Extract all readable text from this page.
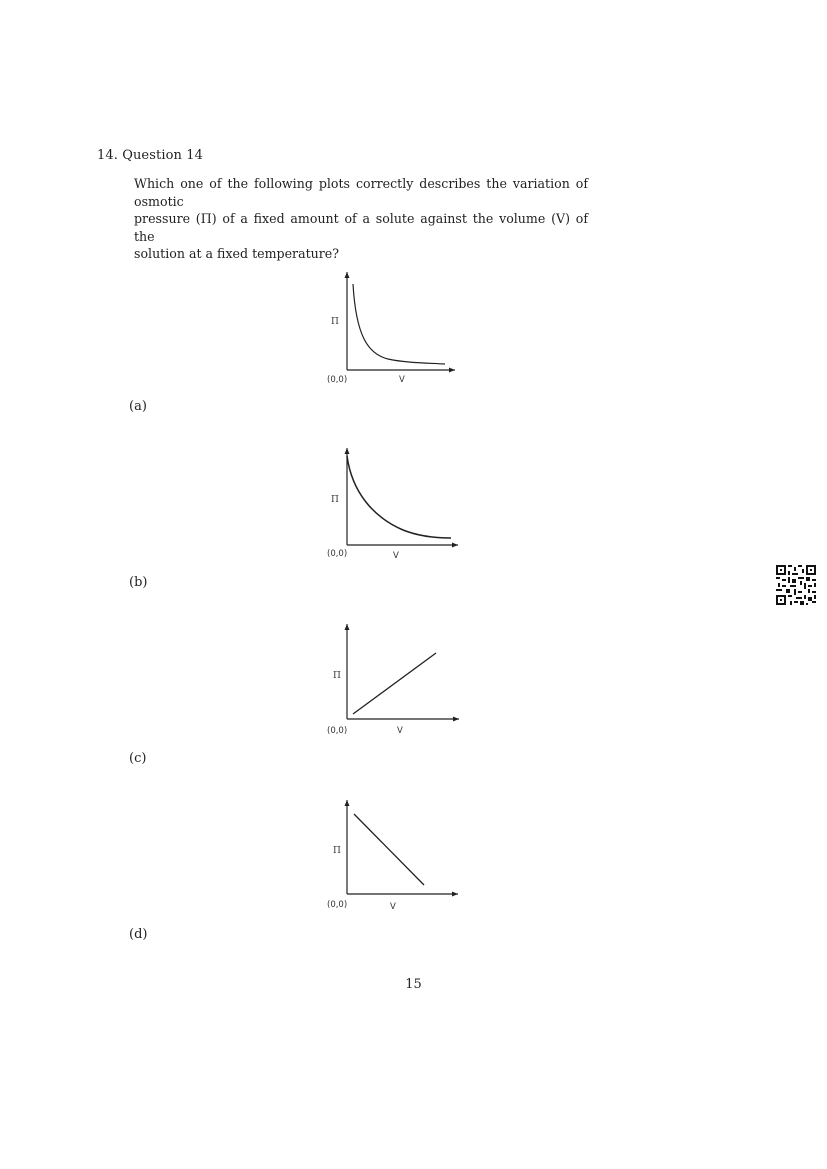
14. Question 14
Which one of the following plots correctly describes the variation of osmotic
pressure (Π) of a fixed amount of a solute against the volume (V) of the
solution at a fixed temperature?
Π
(0,0)	V
(a)
Π
(0,0)	V
(b)
Π
(0,0)	V
(c)
Π
(0,0)	V
(d)
15
